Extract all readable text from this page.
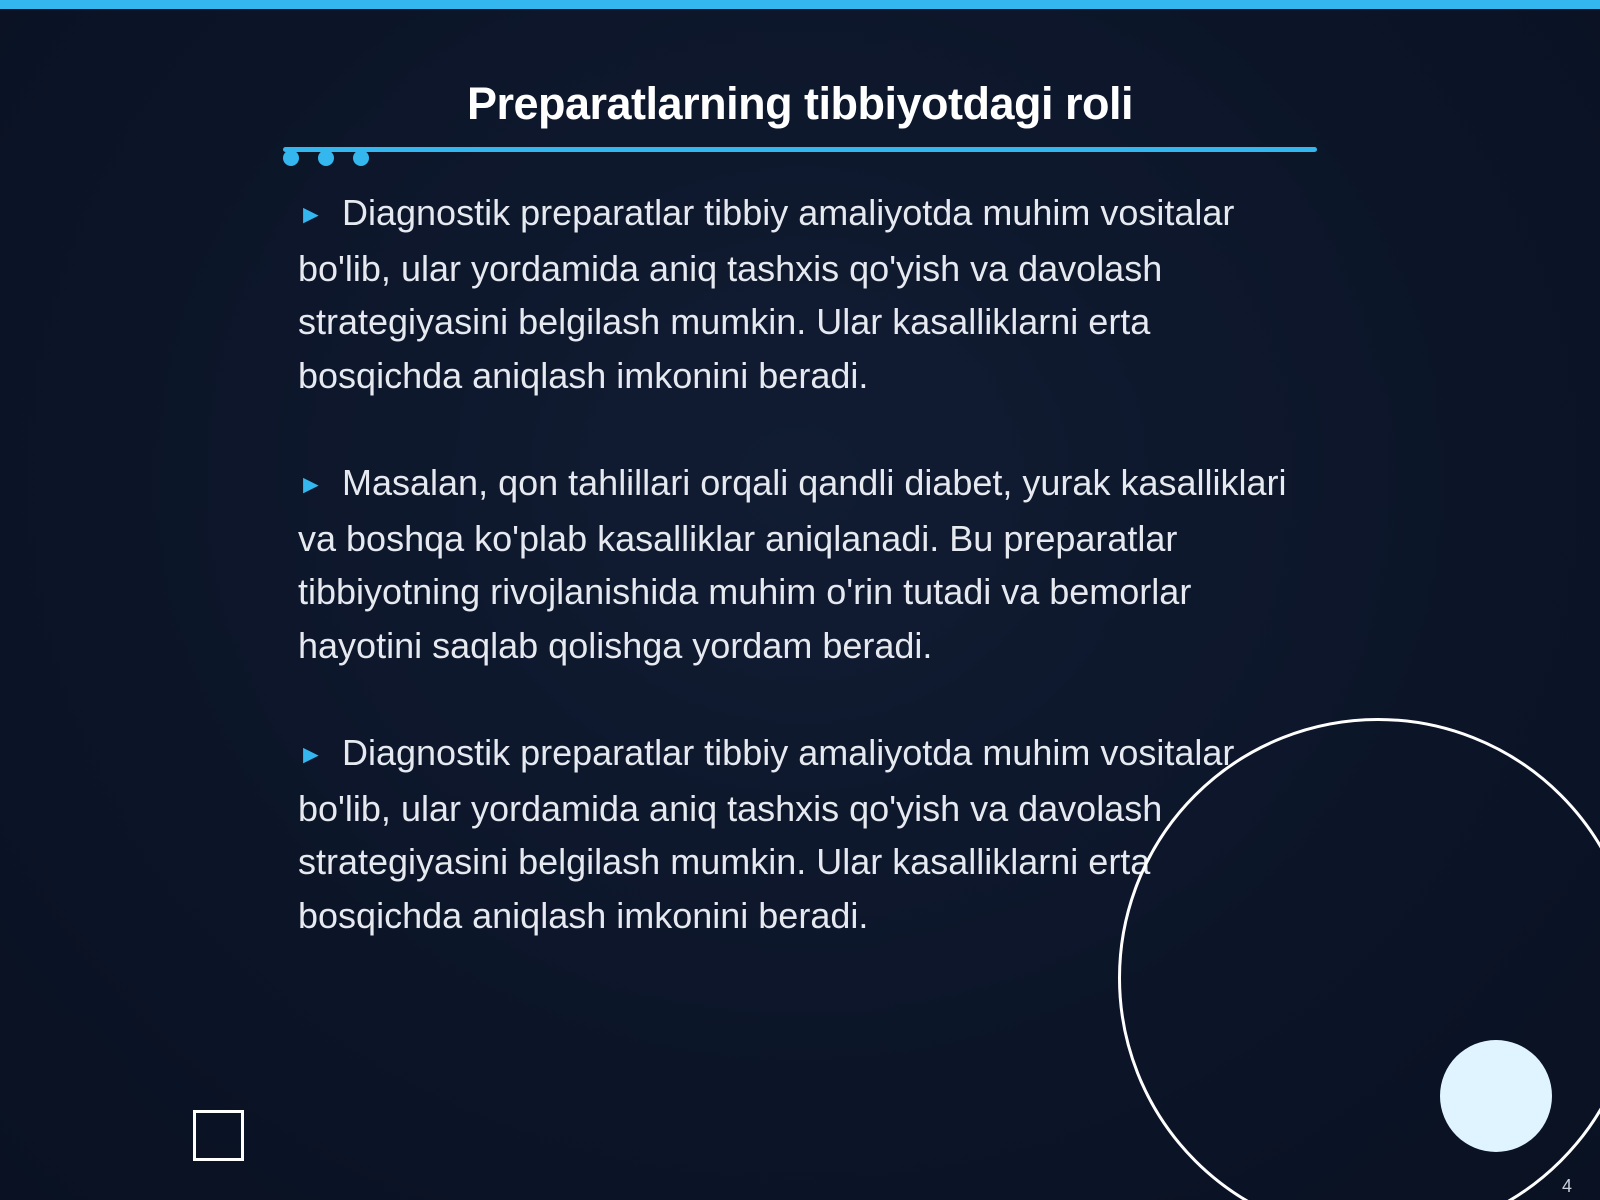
Preparatlarning tibbiyotdagi roli

► Diagnostik preparatlar tibbiy amaliyotda muhim vositalar bo'lib, ular yordamida aniq tashxis qo'yish va davolash strategiyasini belgilash mumkin. Ular kasalliklarni erta bosqichda aniqlash imkonini beradi.

► Masalan, qon tahlillari orqali qandli diabet, yurak kasalliklari va boshqa ko'plab kasalliklar aniqlanadi. Bu preparatlar tibbiyotning rivojlanishida muhim o'rin tutadi va bemorlar hayotini saqlab qolishga yordam beradi.

► Diagnostik preparatlar tibbiy amaliyotda muhim vositalar bo'lib, ular yordamida aniq tashxis qo'yish va davolash strategiyasini belgilash mumkin. Ular kasalliklarni erta bosqichda aniqlash imkonini beradi.

4
